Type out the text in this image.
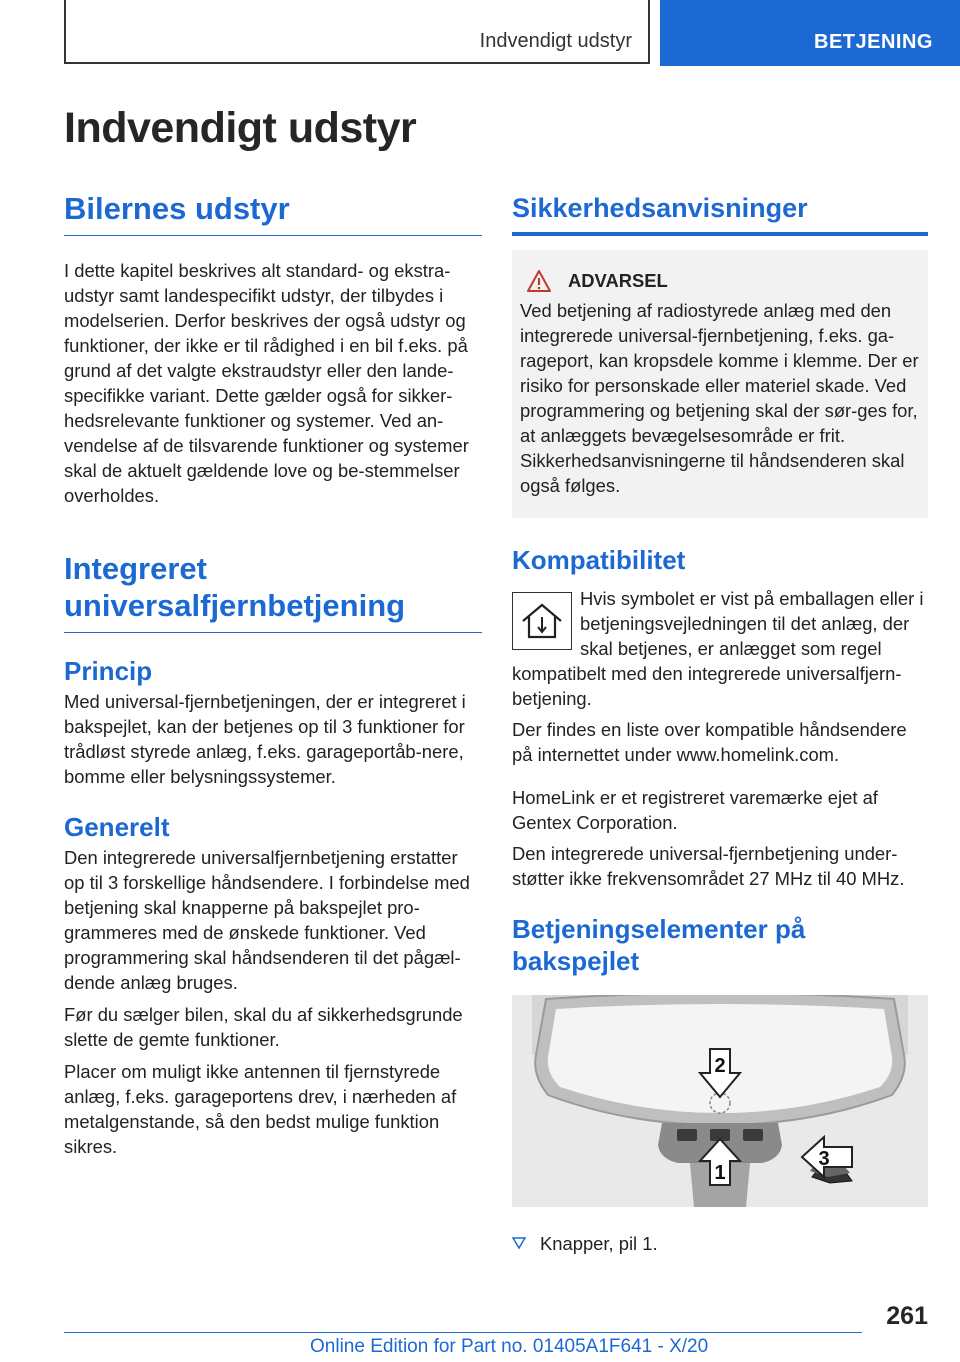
Indvendigt udstyr	BETJENING
Indvendigt udstyr
Bilernes udstyr

I dette kapitel beskrives alt standard- og ekstra-udstyr samt landespecifikt udstyr, der tilbydes i modelserien. Derfor beskrives der også udstyr og funktioner, der ikke er til rådighed i en bil f.eks. på grund af det valgte ekstraudstyr eller den lande-specifikke variant. Dette gælder også for sikker-hedsrelevante funktioner og systemer. Ved an-vendelse af de tilsvarende funktioner og systemer skal de aktuelt gældende love og be-stemmelser overholdes.

Integreret universalfjernbetjening
Princip

Med universal-fjernbetjeningen, der er integreret i bakspejlet, kan der betjenes op til 3 funktioner for trådløst styrede anlæg, f.eks. garageportåb-nere, bomme eller belysningssystemer.

Generelt

Den integrerede universalfjernbetjening erstatter op til 3 forskellige håndsendere. I forbindelse med betjening skal knapperne på bakspejlet pro-grammeres med de ønskede funktioner. Ved programmering skal håndsenderen til det pågæl-dende anlæg bruges.

Før du sælger bilen, skal du af sikkerhedsgrunde slette de gemte funktioner.

Placer om muligt ikke antennen til fjernstyrede anlæg, f.eks. garageportens drev, i nærheden af metalgenstande, så den bedst mulige funktion sikres.

Sikkerhedsanvisninger
ADVARSEL

Ved betjening af radiostyrede anlæg med den integrerede universal-fjernbetjening, f.eks. ga-rageport, kan kropsdele komme i klemme. Der er risiko for personskade eller materiel skade. Ved programmering og betjening skal der sør-ges for, at anlæggets bevægelsesområde er frit. Sikkerhedsanvisningerne til håndsenderen skal også følges.

Kompatibilitet

Hvis symbolet er vist på emballagen eller i betjeningsvejledningen til det anlæg, der skal betjenes, er anlægget som regel kompatibelt med den integrerede universalfjern-betjening.

Der findes en liste over kompatible håndsendere på internettet under www.homelink.com.

HomeLink er et registreret varemærke ejet af Gentex Corporation.

Den integrerede universal-fjernbetjening under-støtter ikke frekvensområdet 27 MHz til 40 MHz.

Betjeningselementer på bakspejlet
2
1
3
Knapper, pil 1.
261
Online Edition for Part no. 01405A1F641 - X/20
